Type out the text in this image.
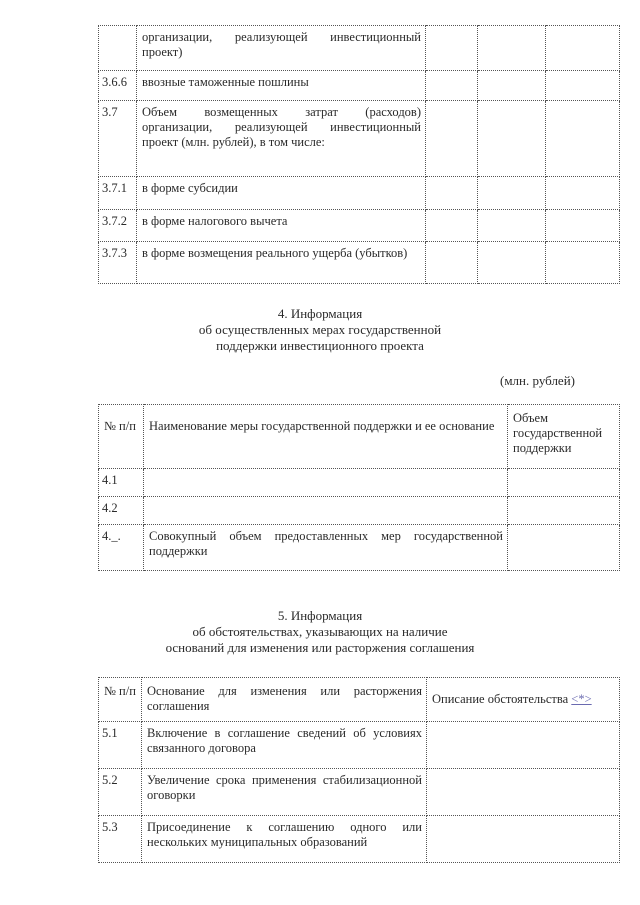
	организации, реализующей инвестиционный проект)			
3.6.6	ввозные таможенные пошлины			
3.7	Объем возмещенных затрат (расходов) организации, реализующей инвестиционный проект (млн. рублей), в том числе:			
3.7.1	в форме субсидии			
3.7.2	в форме налогового вычета			
3.7.3	в форме возмещения реального ущерба (убытков)			
4. Информация
об осуществленных мерах государственной
поддержки инвестиционного проекта
(млн. рублей)
№ п/п	Наименование меры государственной поддержки и ее основание	Объем государственной поддержки
4.1		
4.2		
4._.	Совокупный объем предоставленных мер государственной поддержки	
5. Информация
об обстоятельствах, указывающих на наличие
оснований для изменения или расторжения соглашения
№ п/п	Основание для изменения или расторжения соглашения	Описание обстоятельства <*>
5.1	Включение в соглашение сведений об условиях связанного договора	
5.2	Увеличение срока применения стабилизационной оговорки	
5.3	Присоединение к соглашению одного или нескольких муниципальных образований	
